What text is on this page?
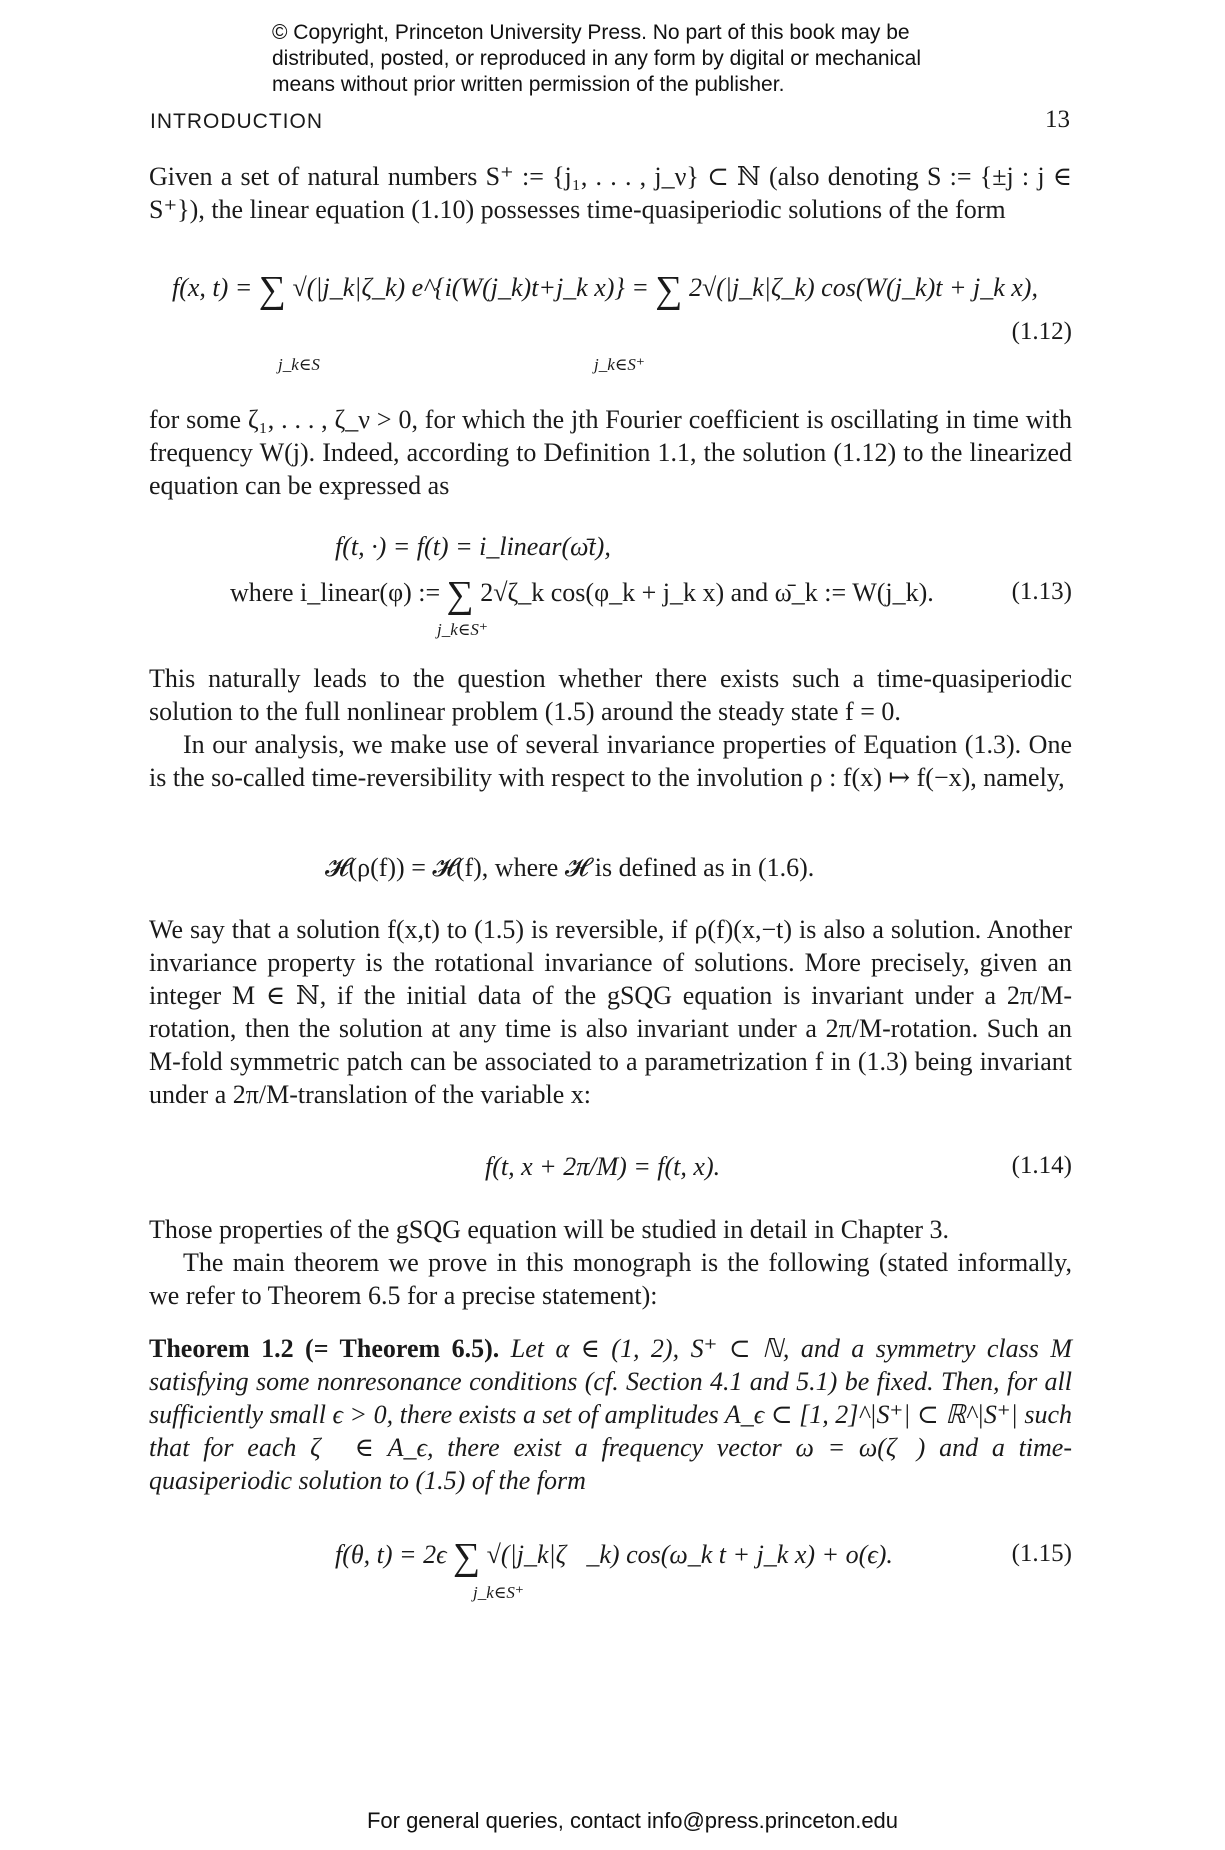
© Copyright, Princeton University Press. No part of this book may be
distributed, posted, or reproduced in any form by digital or mechanical
means without prior written permission of the publisher.
INTRODUCTION	13

Given a set of natural numbers S⁺ := {j₁, . . . , j_ν} ⊂ ℕ (also denoting S := {±j : j ∈ S⁺}), the linear equation (1.10) possesses time-quasiperiodic solutions of the form

f(x, t) = ∑ √(|j_k|ζ_k) e^{i(W(j_k)t+j_k x)} = ∑ 2√(|j_k|ζ_k) cos(W(j_k)t + j_k x),
j_k∈S	j_k∈S⁺
(1.12)

for some ζ₁, . . . , ζ_ν > 0, for which the jth Fourier coefficient is oscillating in time with frequency W(j). Indeed, according to Definition 1.1, the solution (1.12) to the linearized equation can be expressed as

f(t, ·) = f(t) = i_linear(ω̄t),
where i_linear(φ) := ∑ 2√ζ_k cos(φ_k + j_k x) and ω̄_k := W(j_k).
j_k∈S⁺
(1.13)

This naturally leads to the question whether there exists such a time-quasiperiodic solution to the full nonlinear problem (1.5) around the steady state f = 0.

In our analysis, we make use of several invariance properties of Equation (1.3). One is the so-called time-reversibility with respect to the involution ρ : f(x) ↦ f(−x), namely,

𝓗(ρ(f)) = 𝓗(f), where 𝓗 is defined as in (1.6).

We say that a solution f(x,t) to (1.5) is reversible, if ρ(f)(x,−t) is also a solution. Another invariance property is the rotational invariance of solutions. More precisely, given an integer M ∈ ℕ, if the initial data of the gSQG equation is invariant under a 2π/M-rotation, then the solution at any time is also invariant under a 2π/M-rotation. Such an M-fold symmetric patch can be associated to a parametrization f in (1.3) being invariant under a 2π/M-translation of the variable x:

f(t, x + 2π/M) = f(t, x).	(1.14)

Those properties of the gSQG equation will be studied in detail in Chapter 3.

The main theorem we prove in this monograph is the following (stated informally, we refer to Theorem 6.5 for a precise statement):

Theorem 1.2 (= Theorem 6.5). Let α ∈ (1, 2), S⁺ ⊂ ℕ, and a symmetry class M satisfying some nonresonance conditions (cf. Section 4.1 and 5.1) be fixed. Then, for all sufficiently small ϵ > 0, there exists a set of amplitudes A_ϵ ⊂ [1, 2]^|S⁺| ⊂ ℝ^|S⁺| such that for each ζ⃗ ∈ A_ϵ, there exist a frequency vector ω = ω(ζ⃗) and a time-quasiperiodic solution to (1.5) of the form

f(θ, t) = 2ϵ ∑ √(|j_k|ζ⃗_k) cos(ω_k t + j_k x) + o(ϵ).
j_k∈S⁺
(1.15)
For general queries, contact info@press.princeton.edu
